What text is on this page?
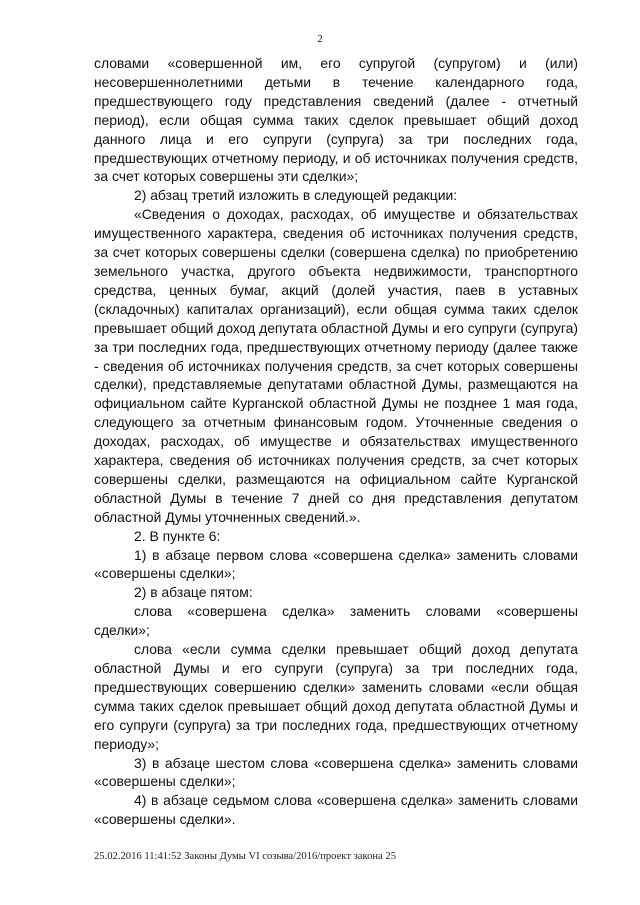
2

словами «совершенной им, его супругой (супругом) и (или) несовершеннолетними детьми в течение календарного года, предшествующего году представления сведений (далее - отчетный период), если общая сумма таких сделок превышает общий доход данного лица и его супруги (супруга) за три последних года, предшествующих отчетному периоду, и об источниках получения средств, за счет которых совершены эти сделки»;

2) абзац третий изложить в следующей редакции:

«Сведения о доходах, расходах, об имуществе и обязательствах имущественного характера, сведения об источниках получения средств, за счет которых совершены сделки (совершена сделка) по приобретению земельного участка, другого объекта недвижимости, транспортного средства, ценных бумаг, акций (долей участия, паев в уставных (складочных) капиталах организаций), если общая сумма таких сделок превышает общий доход депутата областной Думы и его супруги (супруга) за три последних года, предшествующих отчетному периоду (далее также - сведения об источниках получения средств, за счет которых совершены сделки), представляемые депутатами областной Думы, размещаются на официальном сайте Курганской областной Думы не позднее 1 мая года, следующего за отчетным финансовым годом. Уточненные сведения о доходах, расходах, об имуществе и обязательствах имущественного характера, сведения об источниках получения средств, за счет которых совершены сделки, размещаются на официальном сайте Курганской областной Думы в течение 7 дней со дня представления депутатом областной Думы уточненных сведений.».

2. В пункте 6:

1) в абзаце первом слова «совершена сделка» заменить словами «совершены сделки»;

2) в абзаце пятом:

слова «совершена сделка» заменить словами «совершены сделки»;

слова «если сумма сделки превышает общий доход депутата областной Думы и его супруги (супруга) за три последних года, предшествующих совершению сделки» заменить словами «если общая сумма таких сделок превышает общий доход депутата областной Думы и его супруги (супруга) за три последних года, предшествующих отчетному периоду»;

3) в абзаце шестом слова «совершена сделка» заменить словами «совершены сделки»;

4) в абзаце седьмом слова «совершена сделка» заменить словами «совершены сделки».

25.02.2016 11:41:52 Законы Думы VI созыва/2016/проект закона 25
